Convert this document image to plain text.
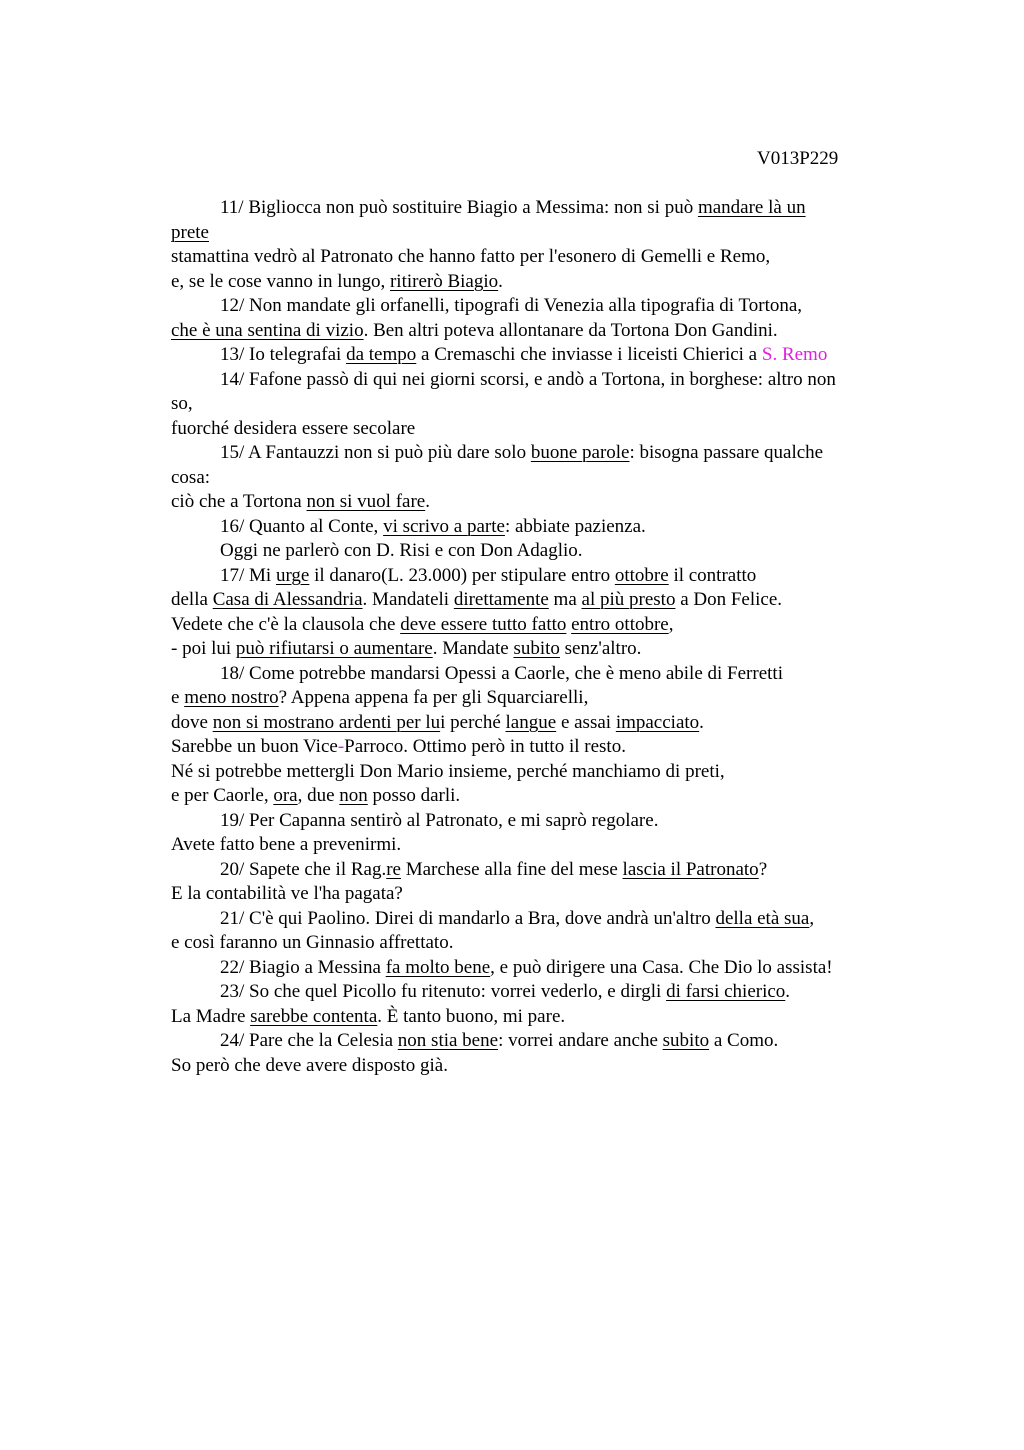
V013P229
11/ Bigliocca non può sostituire Biagio a Messima: non si può mandare là un
prete
stamattina vedrò al Patronato che hanno fatto per l'esonero di Gemelli e Remo,
e, se le cose vanno in lungo, ritirerò Biagio.
12/ Non mandate gli orfanelli, tipografi di Venezia alla tipografia di Tortona,
che è una sentina di vizio. Ben altri poteva allontanare da Tortona Don Gandini.
13/ Io telegrafai da tempo a Cremaschi che inviasse i liceisti Chierici a S. Remo
14/ Fafone passò di qui nei giorni scorsi, e andò a Tortona, in borghese: altro non
so,
fuorché desidera essere secolare
15/ A Fantauzzi non si può più dare solo buone parole: bisogna passare qualche
cosa:
ciò che a Tortona non si vuol fare.
16/ Quanto al Conte, vi scrivo a parte: abbiate pazienza.
Oggi ne parlerò con D. Risi e con Don Adaglio.
17/ Mi urge il danaro(L. 23.000) per stipulare entro ottobre il contratto
della Casa di Alessandria. Mandateli direttamente ma al più presto a Don Felice.
Vedete che c'è la clausola che deve essere tutto fatto entro ottobre,
- poi lui può rifiutarsi o aumentare. Mandate subito senz'altro.
18/ Come potrebbe mandarsi Opessi a Caorle, che è meno abile di Ferretti
e meno nostro? Appena appena fa per gli Squarciarelli,
dove non si mostrano ardenti per lui perché langue e assai impacciato.
Sarebbe un buon Vice-Parroco. Ottimo però in tutto il resto.
Né si potrebbe mettergli Don Mario insieme, perché manchiamo di preti,
e per Caorle, ora, due non posso darli.
19/ Per Capanna sentirò al Patronato, e mi saprò regolare.
Avete fatto bene a prevenirmi.
20/ Sapete che il Rag.re Marchese alla fine del mese lascia il Patronato?
E la contabilità ve l'ha pagata?
21/ C'è qui Paolino. Direi di mandarlo a Bra, dove andrà un'altro della età sua,
e così faranno un Ginnasio affrettato.
22/ Biagio a Messina fa molto bene, e può dirigere una Casa. Che Dio lo assista!
23/ So che quel Picollo fu ritenuto: vorrei vederlo, e dirgli di farsi chierico.
La Madre sarebbe contenta. È tanto buono, mi pare.
24/ Pare che la Celesia non stia bene: vorrei andare anche subito a Como.
So però che deve avere disposto già.
